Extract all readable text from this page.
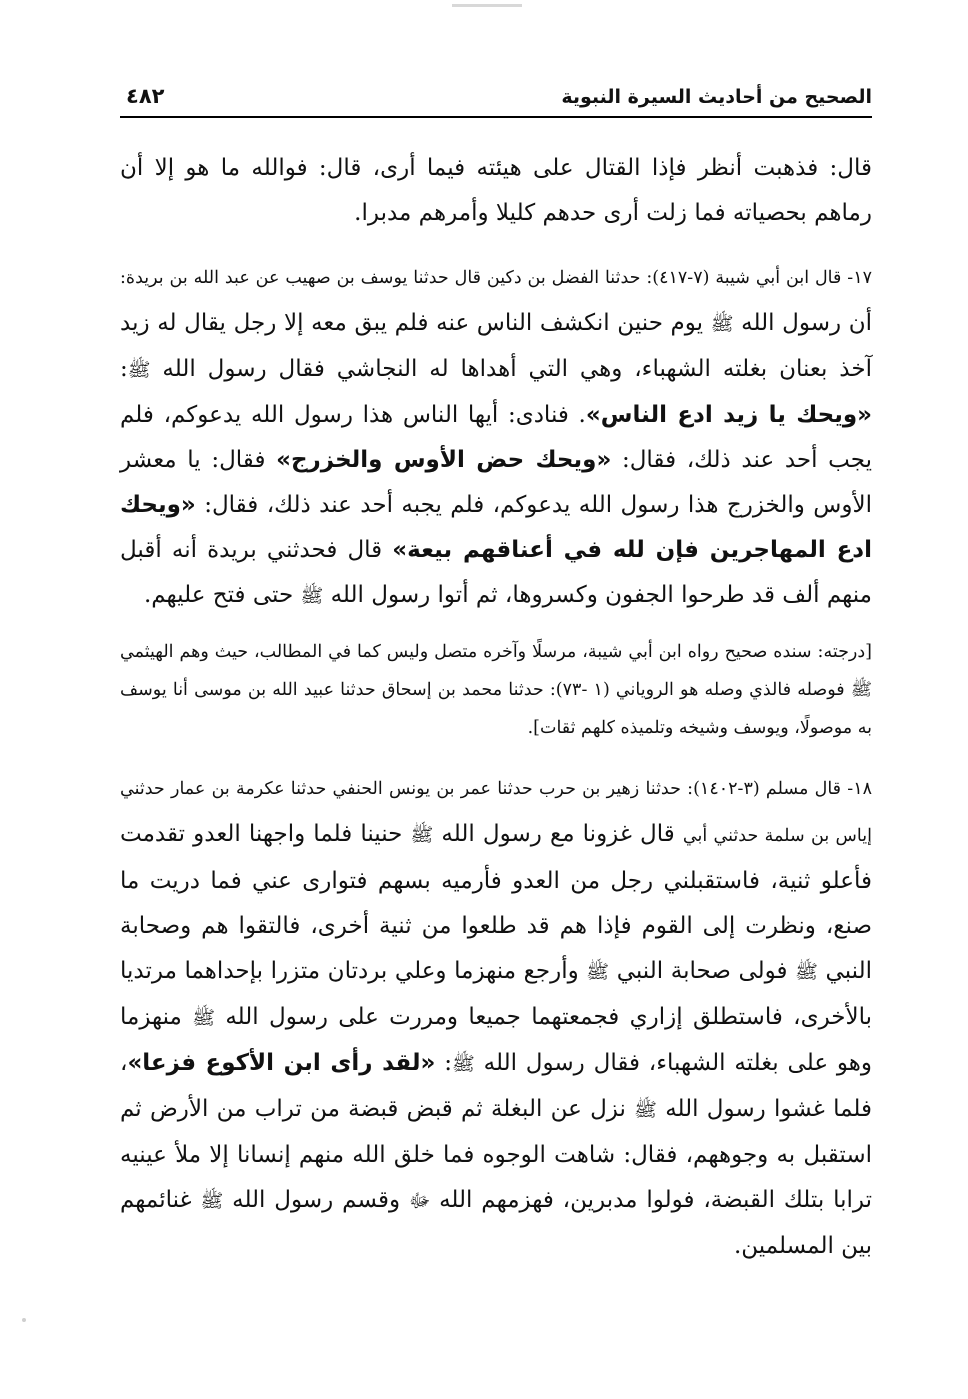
الصحيح من أحاديث السيرة النبوية
٤٨٢

قال: فذهبت أنظر فإذا القتال على هيئته فيما أرى، قال: فوالله ما هو إلا أن رماهم بحصياته فما زلت أرى حدهم كليلا وأمرهم مدبرا.

١٧- قال ابن أبي شيبة (٧-٤١٧): حدثنا الفضل بن دكين قال حدثنا يوسف بن صهيب عن عبد الله بن بريدة: أن رسول الله ﷺ يوم حنين انكشف الناس عنه فلم يبق معه إلا رجل يقال له زيد آخذ بعنان بغلته الشهباء، وهي التي أهداها له النجاشي فقال رسول الله ﷺ: «ويحك يا زيد ادع الناس». فنادى: أيها الناس هذا رسول الله يدعوكم، فلم يجب أحد عند ذلك، فقال: «ويحك حض الأوس والخزرج» فقال: يا معشر الأوس والخزرج هذا رسول الله يدعوكم، فلم يجبه أحد عند ذلك، فقال: «ويحك ادع المهاجرين فإن لله في أعناقهم بيعة» قال فحدثني بريدة أنه أقبل منهم ألف قد طرحوا الجفون وكسروها، ثم أتوا رسول الله ﷺ حتى فتح عليهم.

[درجته: سنده صحيح رواه ابن أبي شيبة، مرسلًا وآخره متصل وليس كما في المطالب، حيث وهم الهيثمي ﷺ فوصله فالذي وصله هو الروياني (١ -٧٣): حدثنا محمد بن إسحاق حدثنا عبيد الله بن موسى أنا يوسف به موصولًا، ويوسف وشيخه وتلميذه كلهم ثقات].

١٨- قال مسلم (٣-١٤٠٢): حدثنا زهير بن حرب حدثنا عمر بن يونس الحنفي حدثنا عكرمة بن عمار حدثني إياس بن سلمة حدثني أبي قال غزونا مع رسول الله ﷺ حنينا فلما واجهنا العدو تقدمت فأعلو ثنية، فاستقبلني رجل من العدو فأرميه بسهم فتوارى عني فما دريت ما صنع، ونظرت إلى القوم فإذا هم قد طلعوا من ثنية أخرى، فالتقوا هم وصحابة النبي ﷺ فولى صحابة النبي ﷺ وأرجع منهزما وعلي بردتان متزرا بإحداهما مرتديا بالأخرى، فاستطلق إزاري فجمعتهما جميعا ومررت على رسول الله ﷺ منهزما وهو على بغلته الشهباء، فقال رسول الله ﷺ: «لقد رأى ابن الأكوع فزعا»، فلما غشوا رسول الله ﷺ نزل عن البغلة ثم قبض قبضة من تراب من الأرض ثم استقبل به وجوههم، فقال: شاهت الوجوه فما خلق الله منهم إنسانا إلا ملأ عينيه ترابا بتلك القبضة، فولوا مدبرين، فهزمهم الله ﷻ وقسم رسول الله ﷺ غنائمهم بين المسلمين.
